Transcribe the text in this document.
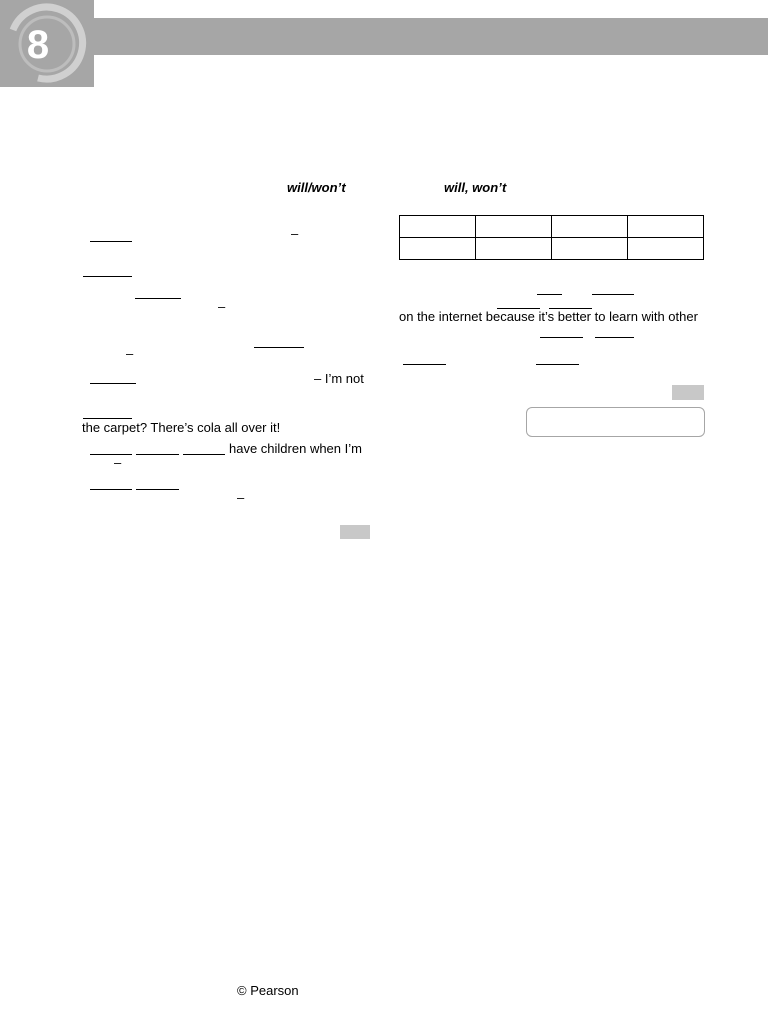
8
will/won’t
–
–
–
– I’m not
the carpet? There’s cola all over it!
have children when I’m
–
–
will, won’t

on the internet because it’s better to learn with other
© Pearson
